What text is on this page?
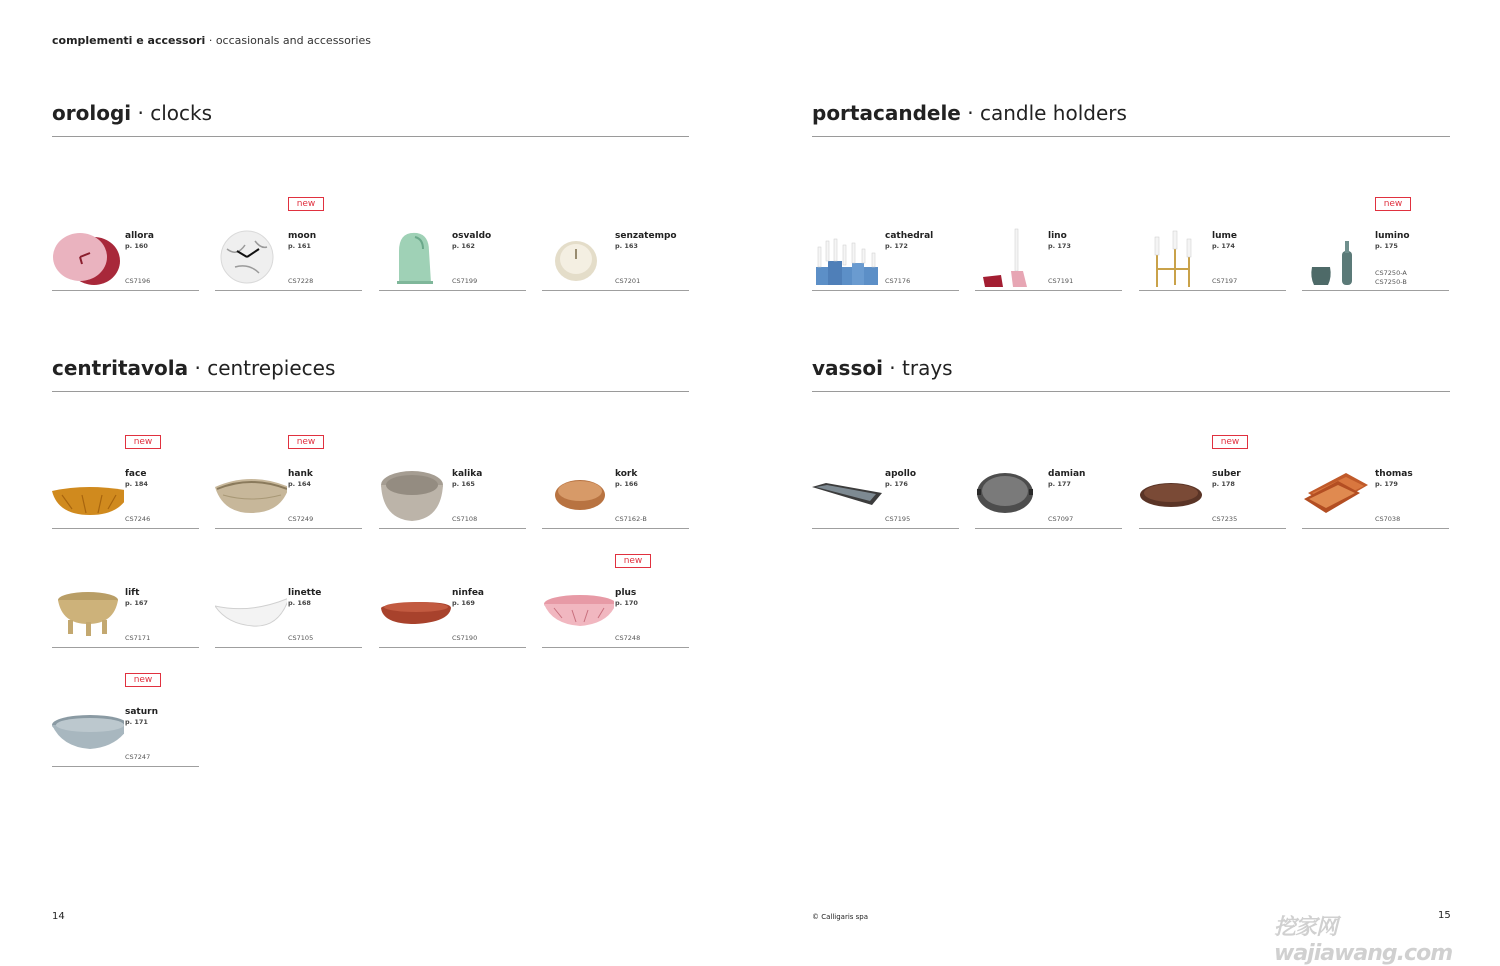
complementi e accessori · occasionals and accessories
orologi · clocks	portacandele · candle holders
centritavola · centrepieces	vassoi · trays
allora
p. 160
CS7196
new
moon
p. 161
CS7228
osvaldo
p. 162
CS7199
senzatempo
p. 163
CS7201
cathedral
p. 172
CS7176
lino
p. 173
CS7191
lume
p. 174
CS7197
new
lumino
p. 175
CS7250-A
CS7250-B
new
face
p. 184
CS7246
new
hank
p. 164
CS7249
kalika
p. 165
CS7108
kork
p. 166
CS7162-B
lift
p. 167
CS7171
linette
p. 168
CS7105
ninfea
p. 169
CS7190
new
plus
p. 170
CS7248
new
saturn
p. 171
CS7247
apollo
p. 176
CS7195
damian
p. 177
CS7097
new
suber
p. 178
CS7235
thomas
p. 179
CS7038
14	© Calligaris spa	挖家网 wajiawang.com
15
